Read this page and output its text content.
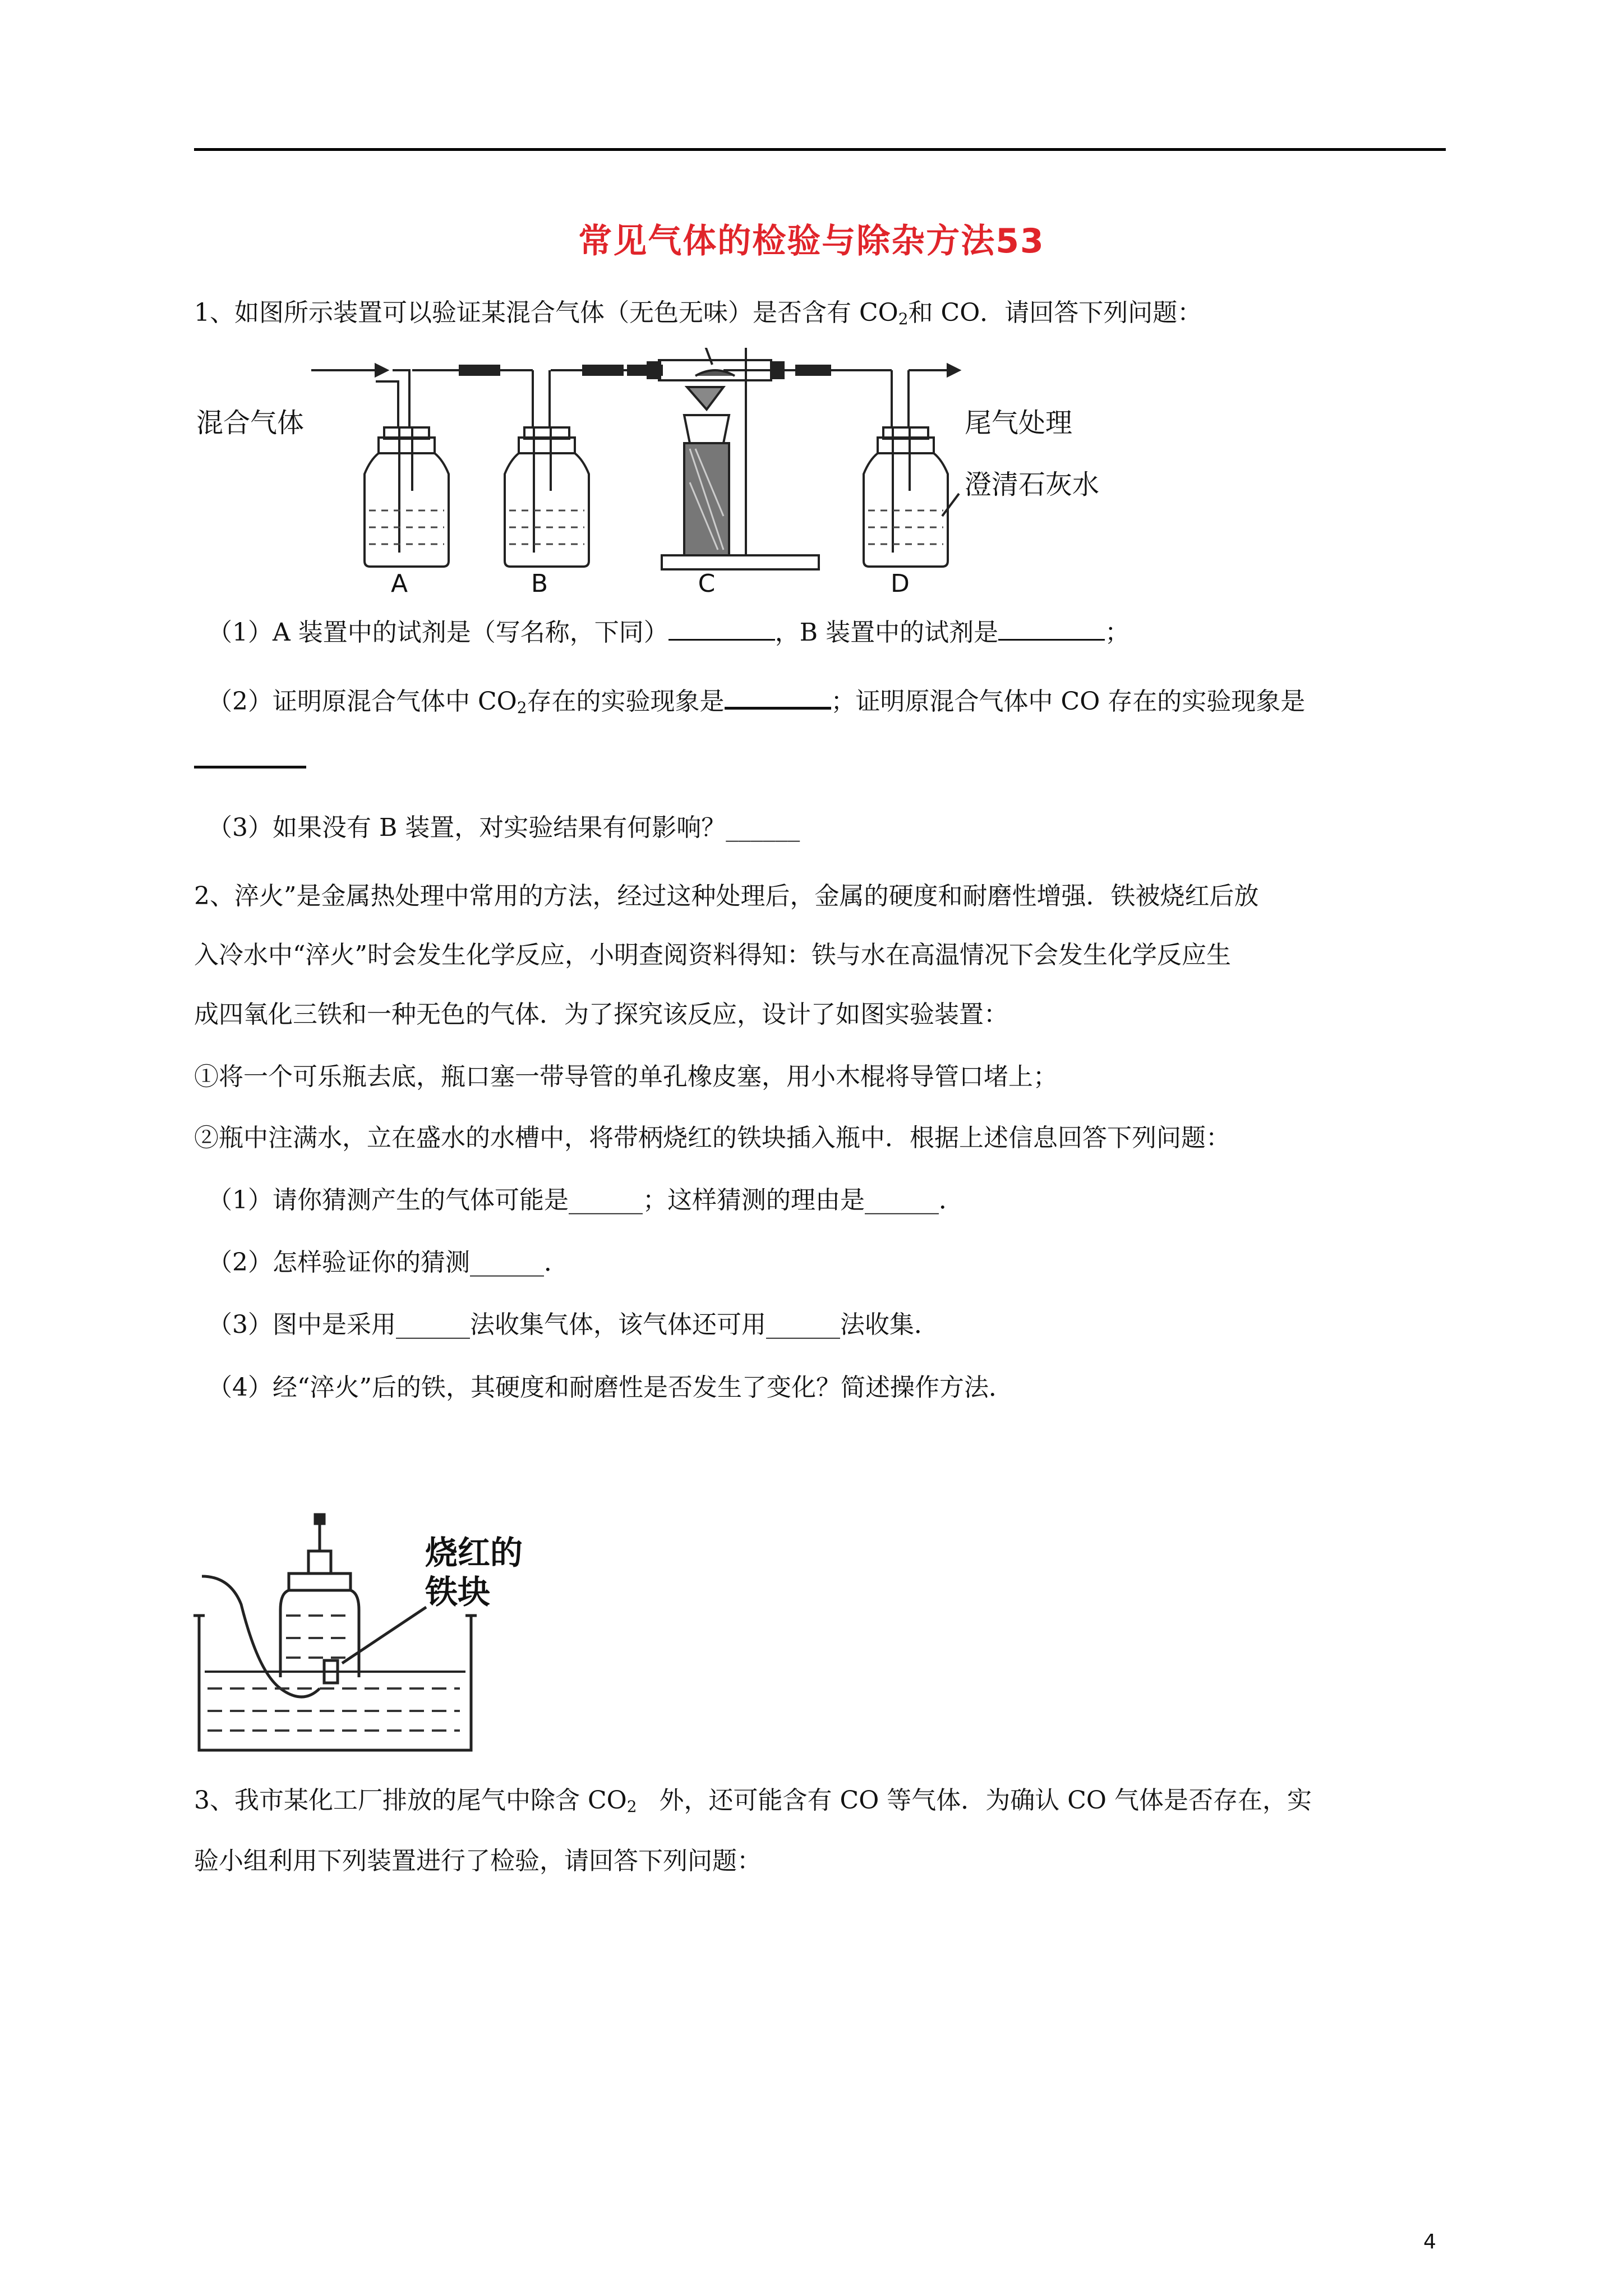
常见气体的检验与除杂方法53
1、如图所示装置可以验证某混合气体（无色无味）是否含有 $CO_2$和 CO．请回答下列问题：
混合气体	尾气处理
澄清石灰水
A	B	C	D
（1）A 装置中的试剂是（写名称，下同）	，B 装置中的试剂是	；
（2）证明原混合气体中 $CO_2$存在的实验现象是	；证明原混合气体中 CO 存在的实验现象是
（3）如果没有 B 装置，对实验结果有何影响？______
2、淬火”是金属热处理中常用的方法，经过这种处理后，金属的硬度和耐磨性增强．铁被烧红后放
入冷水中“淬火”时会发生化学反应，小明查阅资料得知：铁与水在高温情况下会发生化学反应生
成四氧化三铁和一种无色的气体．为了探究该反应，设计了如图实验装置：
①将一个可乐瓶去底，瓶口塞一带导管的单孔橡皮塞，用小木棍将导管口堵上；
②瓶中注满水，立在盛水的水槽中，将带柄烧红的铁块插入瓶中．根据上述信息回答下列问题：
（1）请你猜测产生的气体可能是______；这样猜测的理由是______．
（2）怎样验证你的猜测______．
（3）图中是采用______法收集气体，该气体还可用______法收集．
（4）经“淬火”后的铁，其硬度和耐磨性是否发生了变化？简述操作方法．
烧红的
铁块
3、我市某化工厂排放的尾气中除含 $CO_2$ 外，还可能含有 CO 等气体．为确认 CO 气体是否存在，实
验小组利用下列装置进行了检验，请回答下列问题：
4
